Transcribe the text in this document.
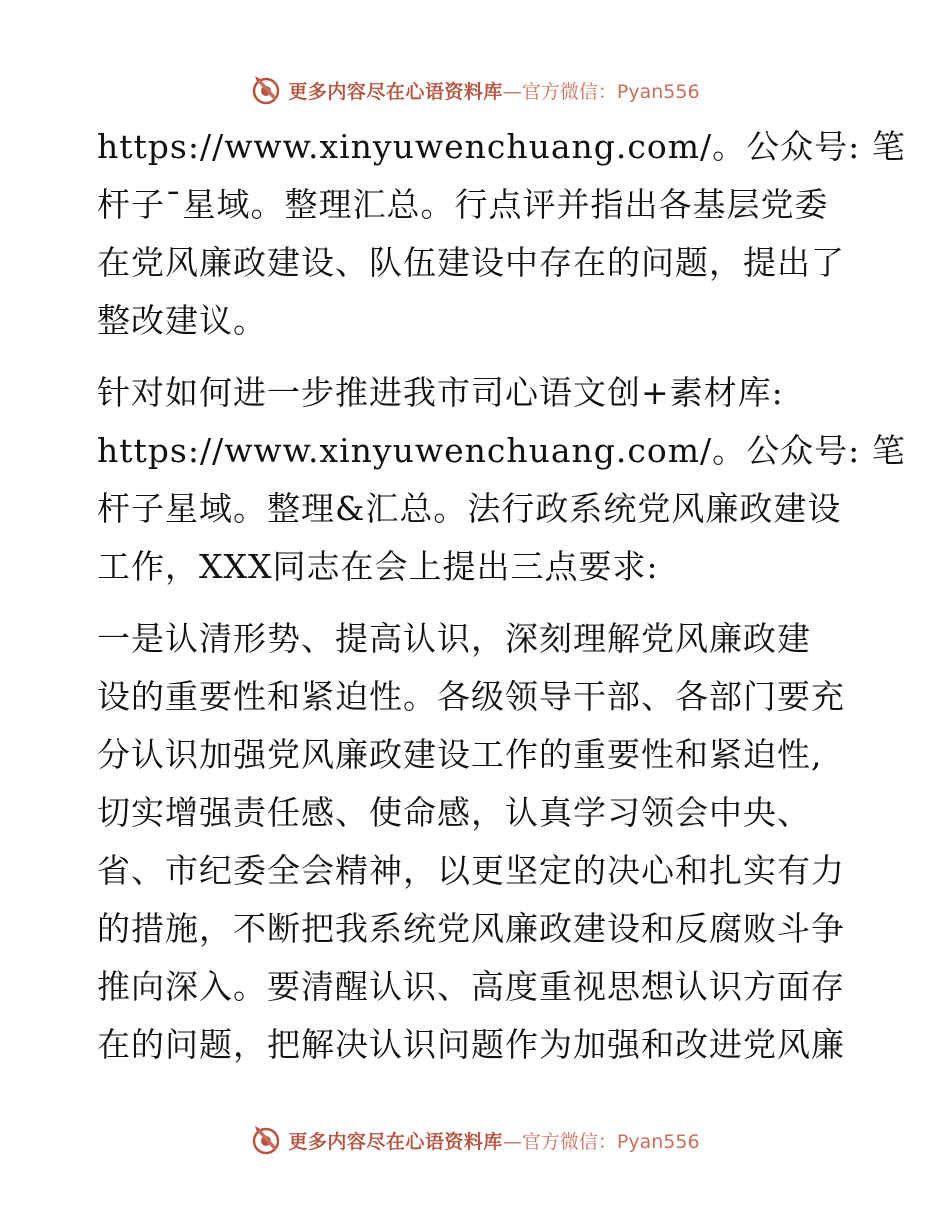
更多内容尽在心语资料库 —官方微信：Pyan556
https://www.xinyuwenchuang.com/。公众号: 笔
杆子¯星域。整理汇总。行点评并指出各基层党委
在党风廉政建设、队伍建设中存在的问题，提出了
整改建议。
针对如何进一步推进我市司心语文创+素材库:
https://www.xinyuwenchuang.com/。公众号: 笔
杆子星域。整理&汇总。法行政系统党风廉政建设
工作，XXX同志在会上提出三点要求:
一是认清形势、提高认识，深刻理解党风廉政建
设的重要性和紧迫性。各级领导干部、各部门要充
分认识加强党风廉政建设工作的重要性和紧迫性,
切实增强责任感、使命感，认真学习领会中央、
省、市纪委全会精神，以更坚定的决心和扎实有力
的措施，不断把我系统党风廉政建设和反腐败斗争
推向深入。要清醒认识、高度重视思想认识方面存
在的问题，把解决认识问题作为加强和改进党风廉
更多内容尽在心语资料库 —官方微信：Pyan556
